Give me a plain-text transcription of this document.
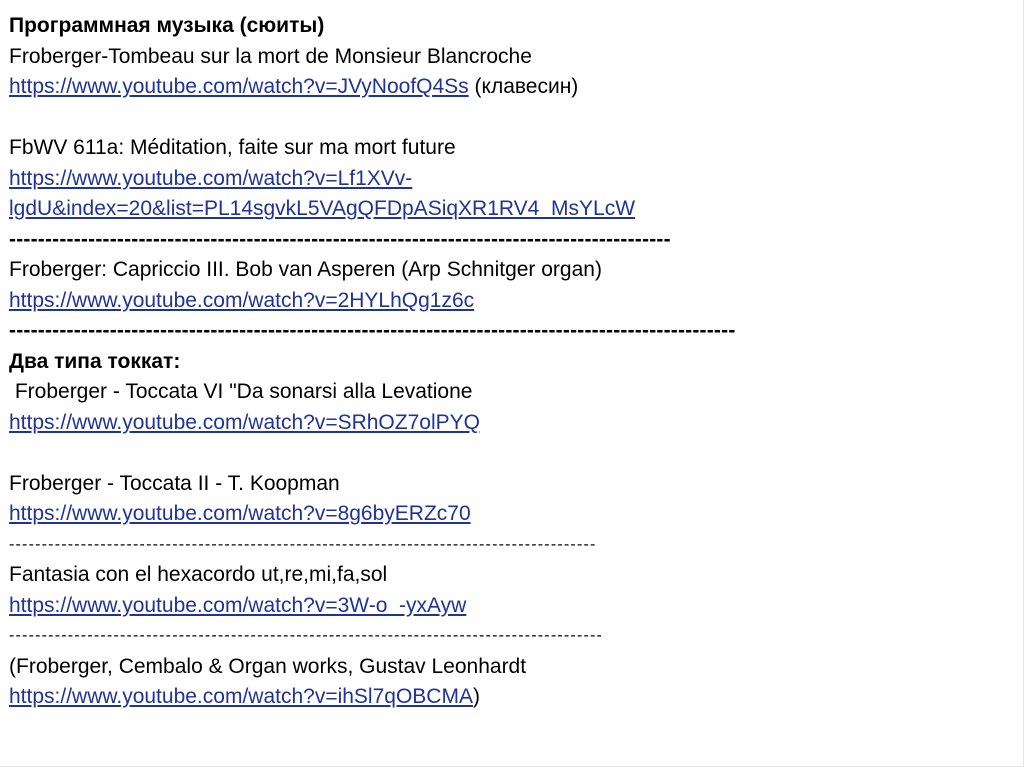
Программная музыка (сюиты)
Froberger-Tombeau sur la mort de Monsieur Blancroche
https://www.youtube.com/watch?v=JVyNoofQ4Ss (клавесин)
FbWV 611a: Méditation, faite sur ma mort future
https://www.youtube.com/watch?v=Lf1XVv-
lgdU&index=20&list=PL14sgvkL5VAgQFDpASiqXR1RV4_MsYLcW
--------------------------------------------------------------------------------------------
Froberger: Capriccio III. Bob van Asperen (Arp Schnitger organ)
https://www.youtube.com/watch?v=2HYLhQg1z6c
-----------------------------------------------------------------------------------------------------
Два типа токкат:
Froberger - Toccata VI "Da sonarsi alla Levatione
https://www.youtube.com/watch?v=SRhOZ7olPYQ
Froberger - Toccata II - T. Koopman
https://www.youtube.com/watch?v=8g6byERZc70
------------------------------------------------------------------------------------------
Fantasia con el hexacordo ut,re,mi,fa,sol
https://www.youtube.com/watch?v=3W-o_-yxAyw
-------------------------------------------------------------------------------------------
(Froberger, Cembalo & Organ works, Gustav Leonhardt
https://www.youtube.com/watch?v=ihSl7qOBCMA)
